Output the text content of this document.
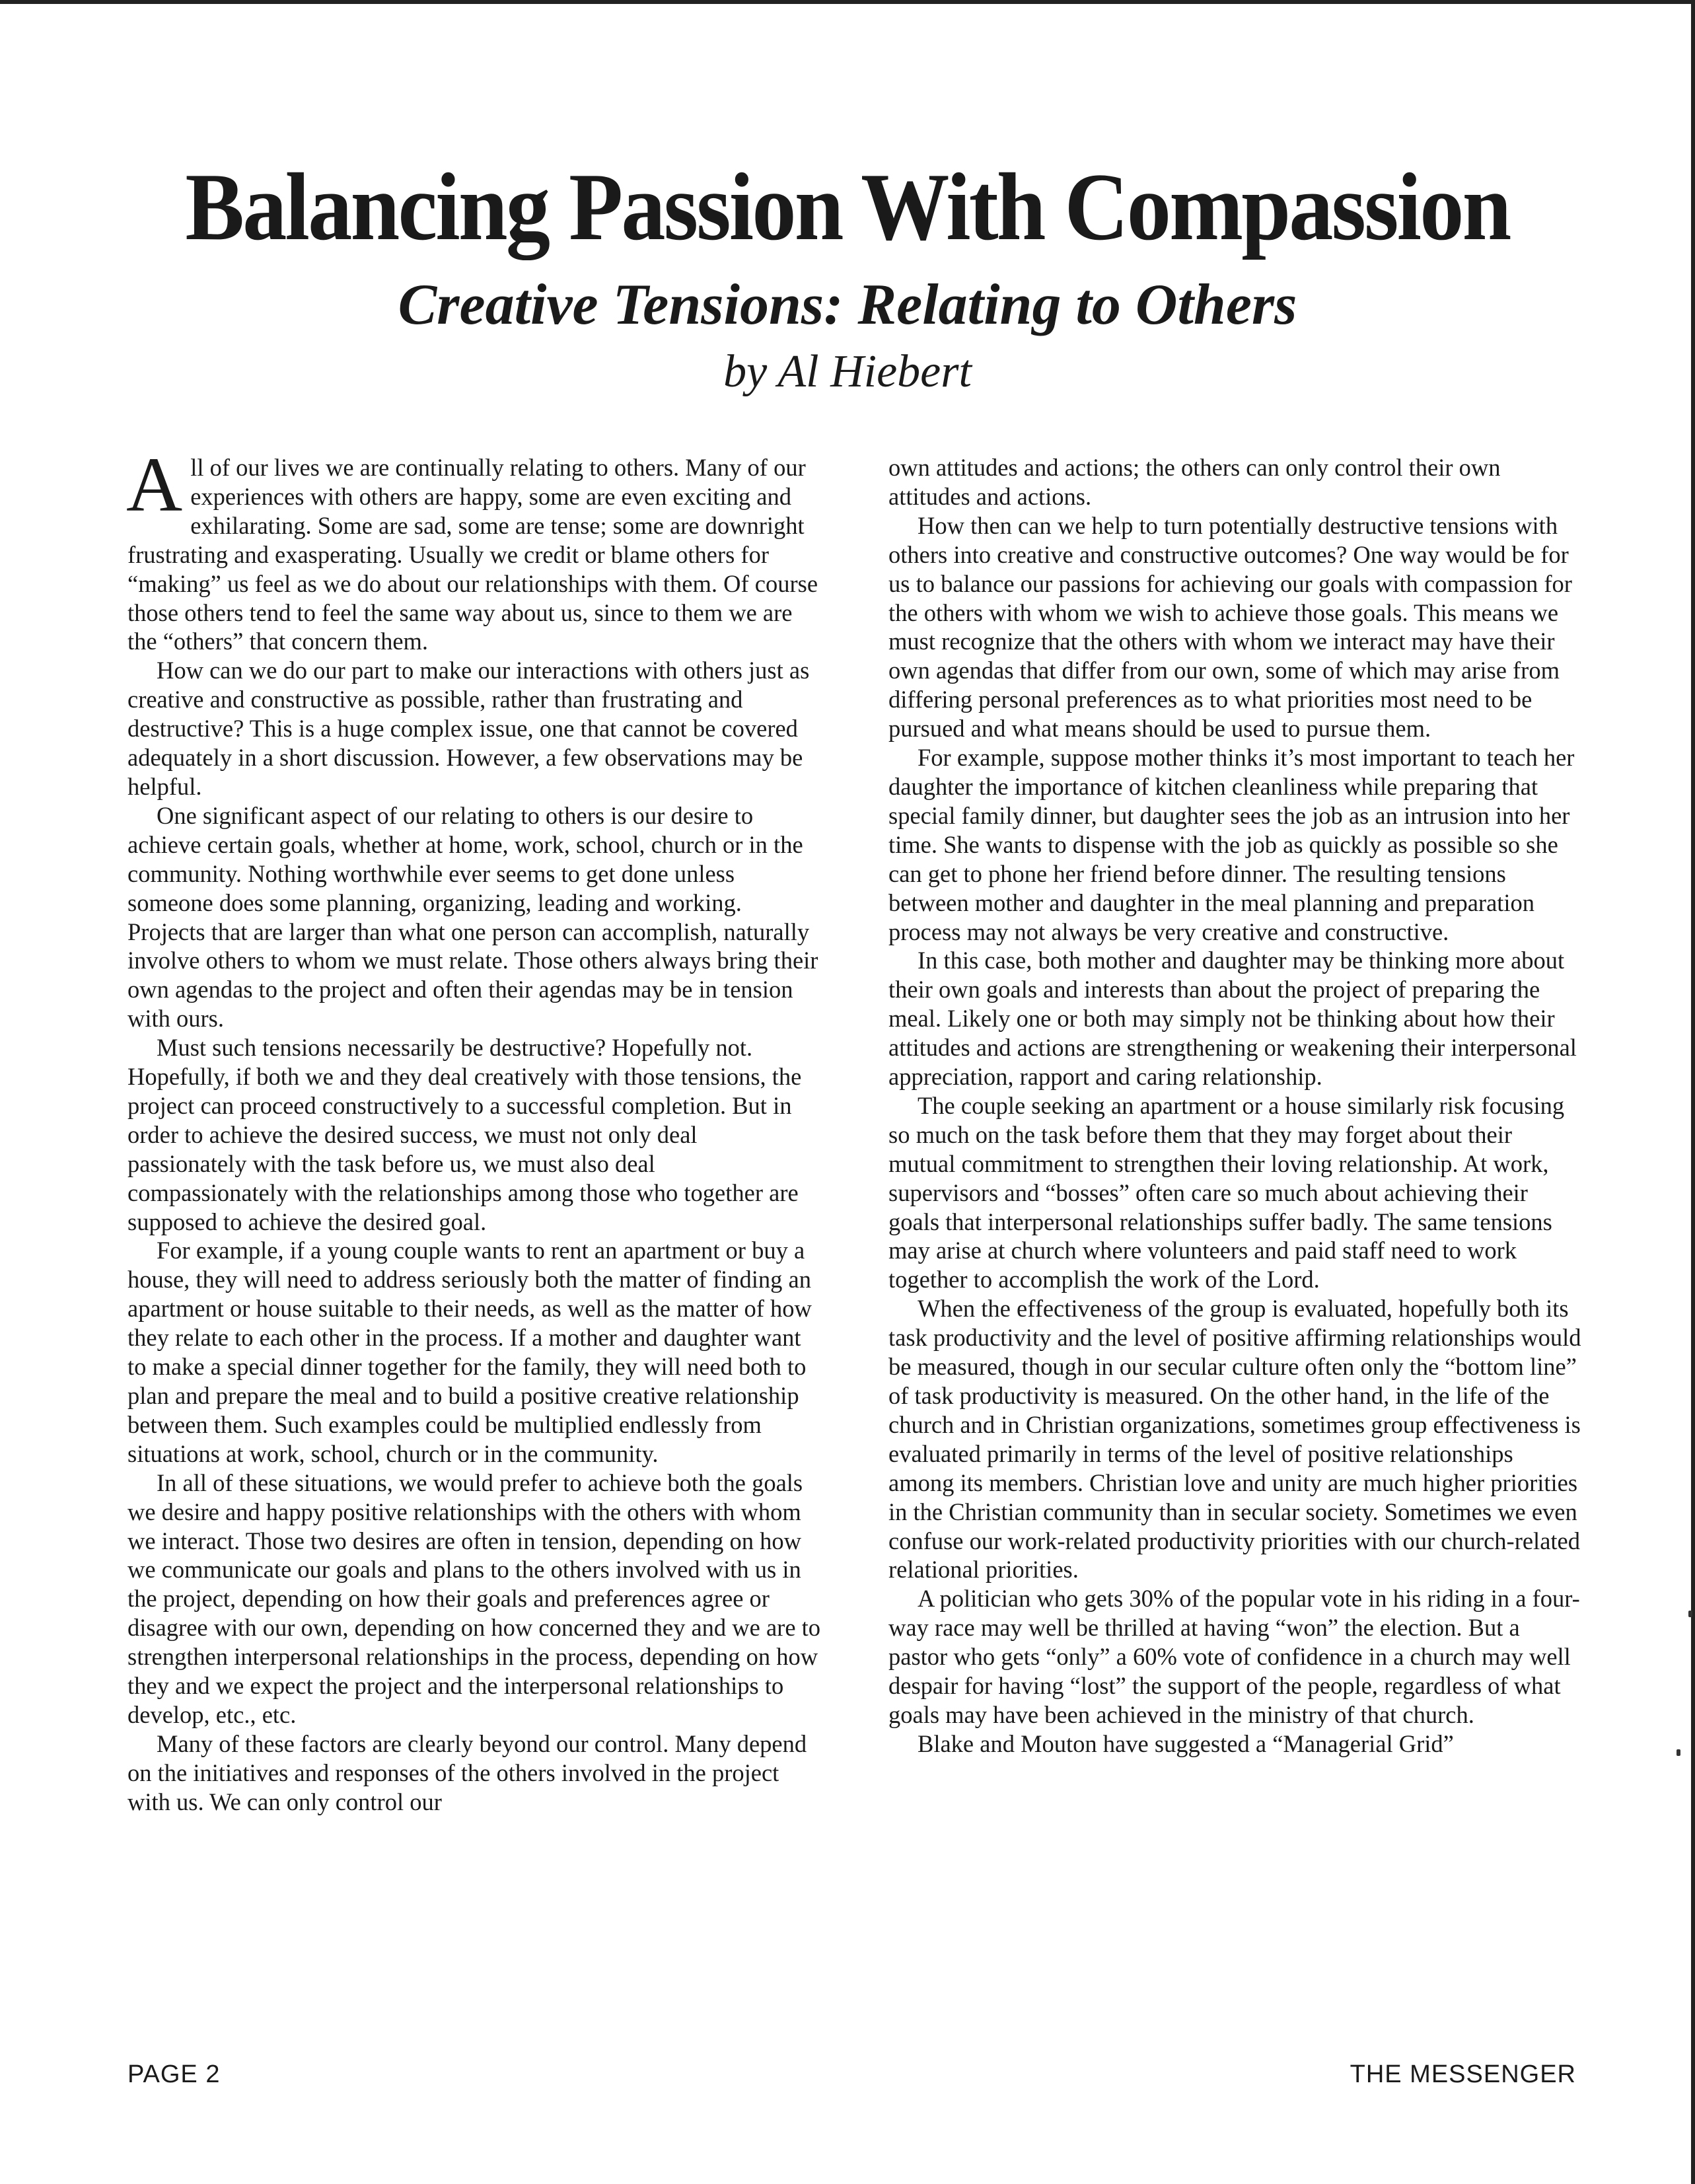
Balancing Passion With Compassion
Creative Tensions: Relating to Others
by Al Hiebert

All of our lives we are continually relating to others. Many of our experiences with others are happy, some are even exciting and exhilarating. Some are sad, some are tense; some are downright frustrating and exasperating. Usually we credit or blame others for “making” us feel as we do about our relationships with them. Of course those others tend to feel the same way about us, since to them we are the “others” that concern them.

How can we do our part to make our interactions with others just as creative and constructive as possible, rather than frustrating and destructive? This is a huge complex issue, one that cannot be covered adequately in a short discussion. However, a few observations may be helpful.

One significant aspect of our relating to others is our desire to achieve certain goals, whether at home, work, school, church or in the community. Nothing worthwhile ever seems to get done unless someone does some planning, organizing, leading and working. Projects that are larger than what one person can accomplish, naturally involve others to whom we must relate. Those others always bring their own agendas to the project and often their agendas may be in tension with ours.

Must such tensions necessarily be destructive? Hopefully not. Hopefully, if both we and they deal creatively with those tensions, the project can proceed constructively to a successful completion. But in order to achieve the desired success, we must not only deal passionately with the task before us, we must also deal compassionately with the relationships among those who together are supposed to achieve the desired goal.

For example, if a young couple wants to rent an apartment or buy a house, they will need to address seriously both the matter of finding an apartment or house suitable to their needs, as well as the matter of how they relate to each other in the process. If a mother and daughter want to make a special dinner together for the family, they will need both to plan and prepare the meal and to build a positive creative relationship between them. Such examples could be multiplied endlessly from situations at work, school, church or in the community.

In all of these situations, we would prefer to achieve both the goals we desire and happy positive relationships with the others with whom we interact. Those two desires are often in tension, depending on how we communicate our goals and plans to the others involved with us in the project, depending on how their goals and preferences agree or disagree with our own, depending on how concerned they and we are to strengthen interpersonal relationships in the process, depending on how they and we expect the project and the interpersonal relationships to develop, etc., etc.

Many of these factors are clearly beyond our control. Many depend on the initiatives and responses of the others involved in the project with us. We can only control our

own attitudes and actions; the others can only control their own attitudes and actions.

How then can we help to turn potentially destructive tensions with others into creative and constructive outcomes? One way would be for us to balance our passions for achieving our goals with compassion for the others with whom we wish to achieve those goals. This means we must recognize that the others with whom we interact may have their own agendas that differ from our own, some of which may arise from differing personal preferences as to what priorities most need to be pursued and what means should be used to pursue them.

For example, suppose mother thinks it’s most important to teach her daughter the importance of kitchen cleanliness while preparing that special family dinner, but daughter sees the job as an intrusion into her time. She wants to dispense with the job as quickly as possible so she can get to phone her friend before dinner. The resulting tensions between mother and daughter in the meal planning and preparation process may not always be very creative and constructive.

In this case, both mother and daughter may be thinking more about their own goals and interests than about the project of preparing the meal. Likely one or both may simply not be thinking about how their attitudes and actions are strengthening or weakening their interpersonal appreciation, rapport and caring relationship.

The couple seeking an apartment or a house similarly risk focusing so much on the task before them that they may forget about their mutual commitment to strengthen their loving relationship. At work, supervisors and “bosses” often care so much about achieving their goals that interpersonal relationships suffer badly. The same tensions may arise at church where volunteers and paid staff need to work together to accomplish the work of the Lord.

When the effectiveness of the group is evaluated, hopefully both its task productivity and the level of positive affirming relationships would be measured, though in our secular culture often only the “bottom line” of task productivity is measured. On the other hand, in the life of the church and in Christian organizations, sometimes group effectiveness is evaluated primarily in terms of the level of positive relationships among its members. Christian love and unity are much higher priorities in the Christian community than in secular society. Sometimes we even confuse our work-related productivity priorities with our church-related relational priorities.

A politician who gets 30% of the popular vote in his riding in a four-way race may well be thrilled at having “won” the election. But a pastor who gets “only” a 60% vote of confidence in a church may well despair for having “lost” the support of the people, regardless of what goals may have been achieved in the ministry of that church.

Blake and Mouton have suggested a “Managerial Grid”

PAGE 2	THE MESSENGER
